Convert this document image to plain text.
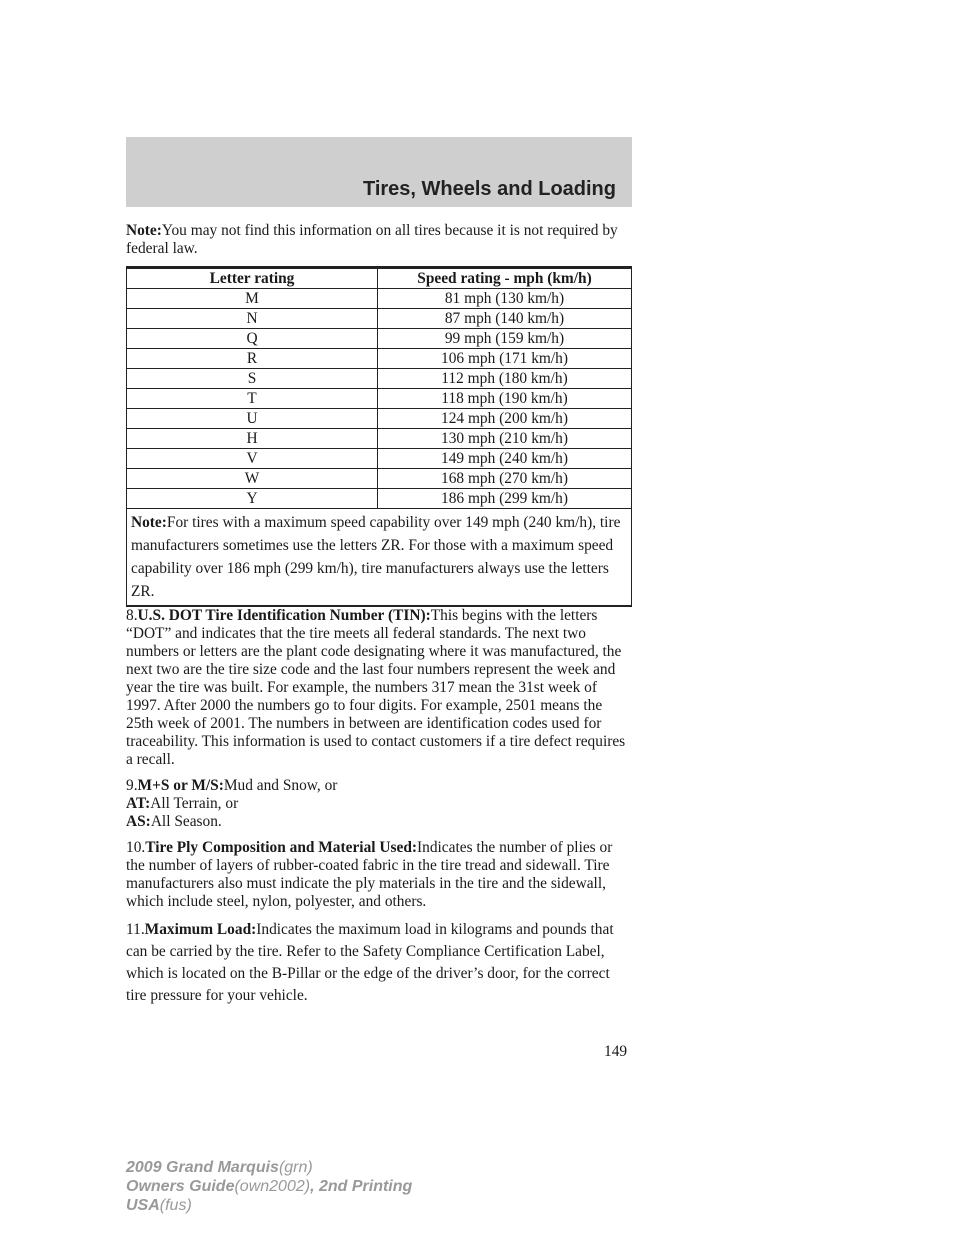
Tires, Wheels and Loading

Note:You may not find this information on all tires because it is not required by federal law.

Letter rating	Speed rating - mph (km/h)
M	81 mph (130 km/h)
N	87 mph (140 km/h)
Q	99 mph (159 km/h)
R	106 mph (171 km/h)
S	112 mph (180 km/h)
T	118 mph (190 km/h)
U	124 mph (200 km/h)
H	130 mph (210 km/h)
V	149 mph (240 km/h)
W	168 mph (270 km/h)
Y	186 mph (299 km/h)
Note:For tires with a maximum speed capability over 149 mph (240 km/h), tire manufacturers sometimes use the letters ZR. For those with a maximum speed capability over 186 mph (299 km/h), tire manufacturers always use the letters ZR.	

8.U.S. DOT Tire Identification Number (TIN):This begins with the letters “DOT” and indicates that the tire meets all federal standards. The next two numbers or letters are the plant code designating where it was manufactured, the next two are the tire size code and the last four numbers represent the week and year the tire was built. For example, the numbers 317 mean the 31st week of 1997. After 2000 the numbers go to four digits. For example, 2501 means the 25th week of 2001. The numbers in between are identification codes used for traceability. This information is used to contact customers if a tire defect requires a recall.

9.M+S or M/S:Mud and Snow, or
AT:All Terrain, or
AS:All Season.

10.Tire Ply Composition and Material Used:Indicates the number of plies or the number of layers of rubber-coated fabric in the tire tread and sidewall. Tire manufacturers also must indicate the ply materials in the tire and the sidewall, which include steel, nylon, polyester, and others.

11.Maximum Load:Indicates the maximum load in kilograms and pounds that can be carried by the tire. Refer to the Safety Compliance Certification Label, which is located on the B-Pillar or the edge of the driver’s door, for the correct tire pressure for your vehicle.

149
2009 Grand Marquis(grn)
Owners Guide(own2002), 2nd Printing
USA(fus)
